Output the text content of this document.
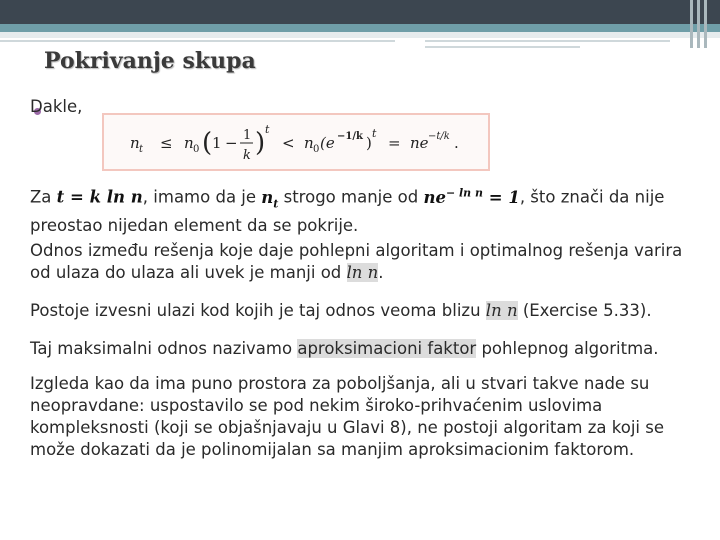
Pokrivanje skupa
Dakle,
n t ≤ n 0 ( 1 − 1
k ) t
< n 0 (e −1/k )
t
= ne −t/k .
Za t = k ln n, imamo da je $n_t$ strogo manje od $ne^{- ln n} = 1$, što znači da nije preostao nijedan element da se pokrije.
Odnos između rešenja koje daje pohlepni algoritam i optimalnog rešenja varira od ulaza do ulaza ali uvek je manji od ln n.
Postoje izvesni ulazi kod kojih je taj odnos veoma blizu ln n (Exercise 5.33).
Taj maksimalni odnos nazivamo aproksimacioni faktor pohlepnog algoritma.
Izgleda kao da ima puno prostora za poboljšanja, ali u stvari takve nade su neopravdane: uspostavilo se pod nekim široko-prihvaćenim uslovima kompleksnosti (koji se objašnjavaju u Glavi 8), ne postoji algoritam za koji se može dokazati da je polinomijalan sa manjim aproksimacionim faktorom.
